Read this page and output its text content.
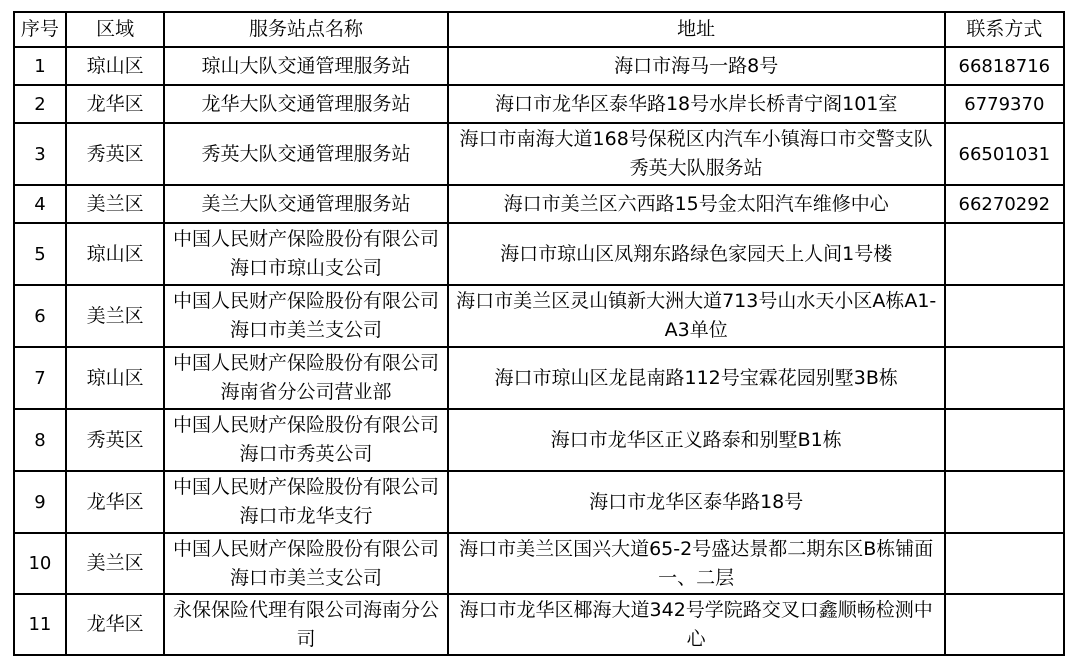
序号	区域	服务站点名称	地址	联系方式
1	琼山区	琼山大队交通管理服务站	海口市海马一路8号	66818716
2	龙华区	龙华大队交通管理服务站	海口市龙华区泰华路18号水岸长桥青宁阁101室	6779370
3	秀英区	秀英大队交通管理服务站	海口市南海大道168号保税区内汽车小镇海口市交警支队秀英大队服务站	66501031
4	美兰区	美兰大队交通管理服务站	海口市美兰区六西路15号金太阳汽车维修中心	66270292
5	琼山区	中国人民财产保险股份有限公司海口市琼山支公司	海口市琼山区凤翔东路绿色家园天上人间1号楼	
6	美兰区	中国人民财产保险股份有限公司海口市美兰支公司	海口市美兰区灵山镇新大洲大道713号山水天小区A栋A1-A3单位	
7	琼山区	中国人民财产保险股份有限公司海南省分公司营业部	海口市琼山区龙昆南路112号宝霖花园别墅3B栋	
8	秀英区	中国人民财产保险股份有限公司海口市秀英公司	海口市龙华区正义路泰和别墅B1栋	
9	龙华区	中国人民财产保险股份有限公司海口市龙华支行	海口市龙华区泰华路18号	
10	美兰区	中国人民财产保险股份有限公司海口市美兰支公司	海口市美兰区国兴大道65-2号盛达景都二期东区B栋铺面一、二层	
11	龙华区	永保保险代理有限公司海南分公司	海口市龙华区椰海大道342号学院路交叉口鑫顺畅检测中心	
